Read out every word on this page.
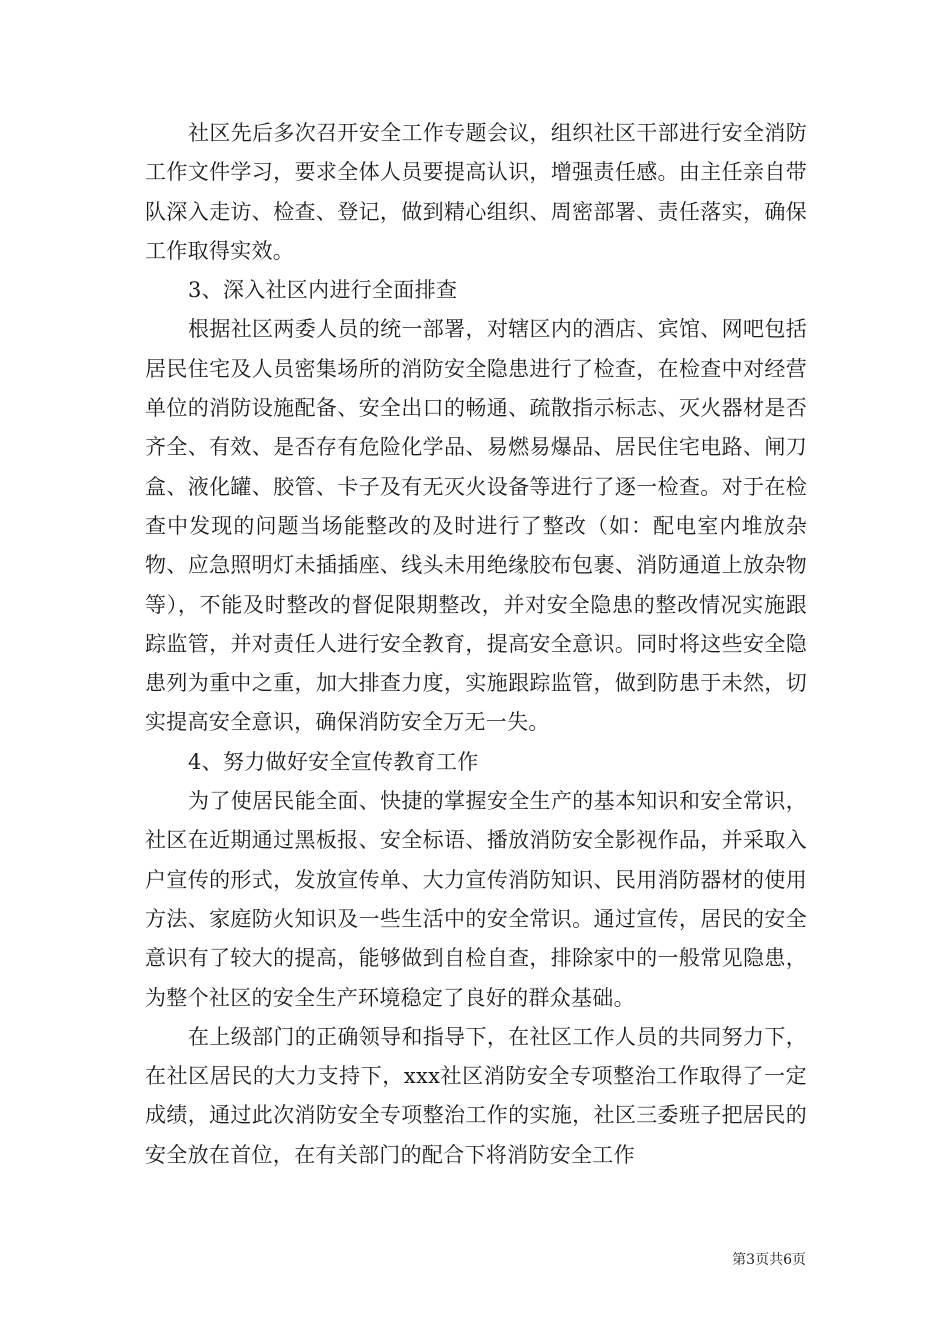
社区先后多次召开安全工作专题会议，组织社区干部进行安全消防工作文件学习，要求全体人员要提高认识，增强责任感。由主任亲自带队深入走访、检查、登记，做到精心组织、周密部署、责任落实，确保工作取得实效。

3、深入社区内进行全面排查

根据社区两委人员的统一部署，对辖区内的酒店、宾馆、网吧包括居民住宅及人员密集场所的消防安全隐患进行了检查，在检查中对经营单位的消防设施配备、安全出口的畅通、疏散指示标志、灭火器材是否齐全、有效、是否存有危险化学品、易燃易爆品、居民住宅电路、闸刀盒、液化罐、胶管、卡子及有无灭火设备等进行了逐一检查。对于在检查中发现的问题当场能整改的及时进行了整改（如：配电室内堆放杂物、应急照明灯未插插座、线头未用绝缘胶布包裹、消防通道上放杂物等），不能及时整改的督促限期整改，并对安全隐患的整改情况实施跟踪监管，并对责任人进行安全教育，提高安全意识。同时将这些安全隐患列为重中之重，加大排查力度，实施跟踪监管，做到防患于未然，切实提高安全意识，确保消防安全万无一失。

4、努力做好安全宣传教育工作

为了使居民能全面、快捷的掌握安全生产的基本知识和安全常识，社区在近期通过黑板报、安全标语、播放消防安全影视作品，并采取入户宣传的形式，发放宣传单、大力宣传消防知识、民用消防器材的使用方法、家庭防火知识及一些生活中的安全常识。通过宣传，居民的安全意识有了较大的提高，能够做到自检自查，排除家中的一般常见隐患，为整个社区的安全生产环境稳定了良好的群众基础。

在上级部门的正确领导和指导下，在社区工作人员的共同努力下，在社区居民的大力支持下，xxx社区消防安全专项整治工作取得了一定成绩，通过此次消防安全专项整治工作的实施，社区三委班子把居民的安全放在首位，在有关部门的配合下将消防安全工作

第3页共6页
